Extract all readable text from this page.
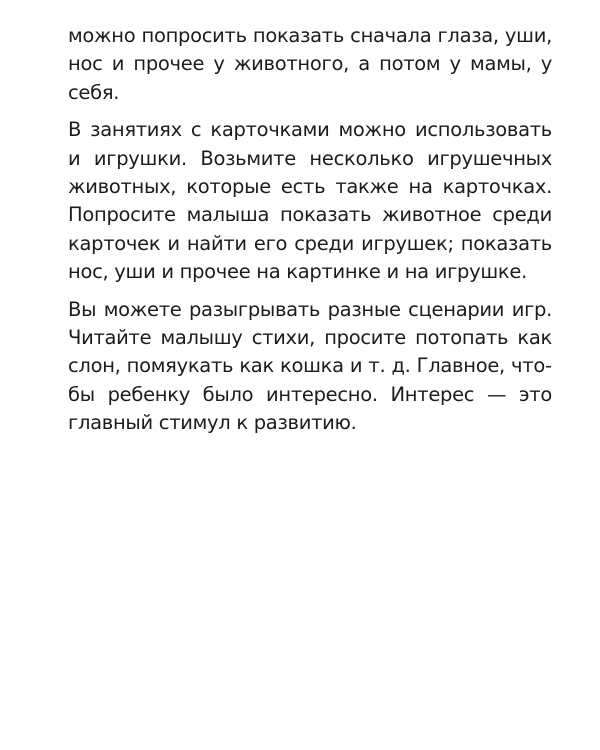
можно попросить показать сначала глаза, уши, нос и прочее у животного, а потом у мамы, у себя.

В занятиях с карточками можно использовать и игрушки. Возьмите несколько игрушечных животных, которые есть также на карточках. Попросите малыша показать животное среди карточек и найти его среди игрушек; показать нос, уши и прочее на картинке и на игрушке.

Вы можете разыгрывать разные сценарии игр. Читайте малышу стихи, просите потопать как слон, помяукать как кошка и т. д. Главное, чтобы ребенку было интересно. Интерес — это главный стимул к развитию.
